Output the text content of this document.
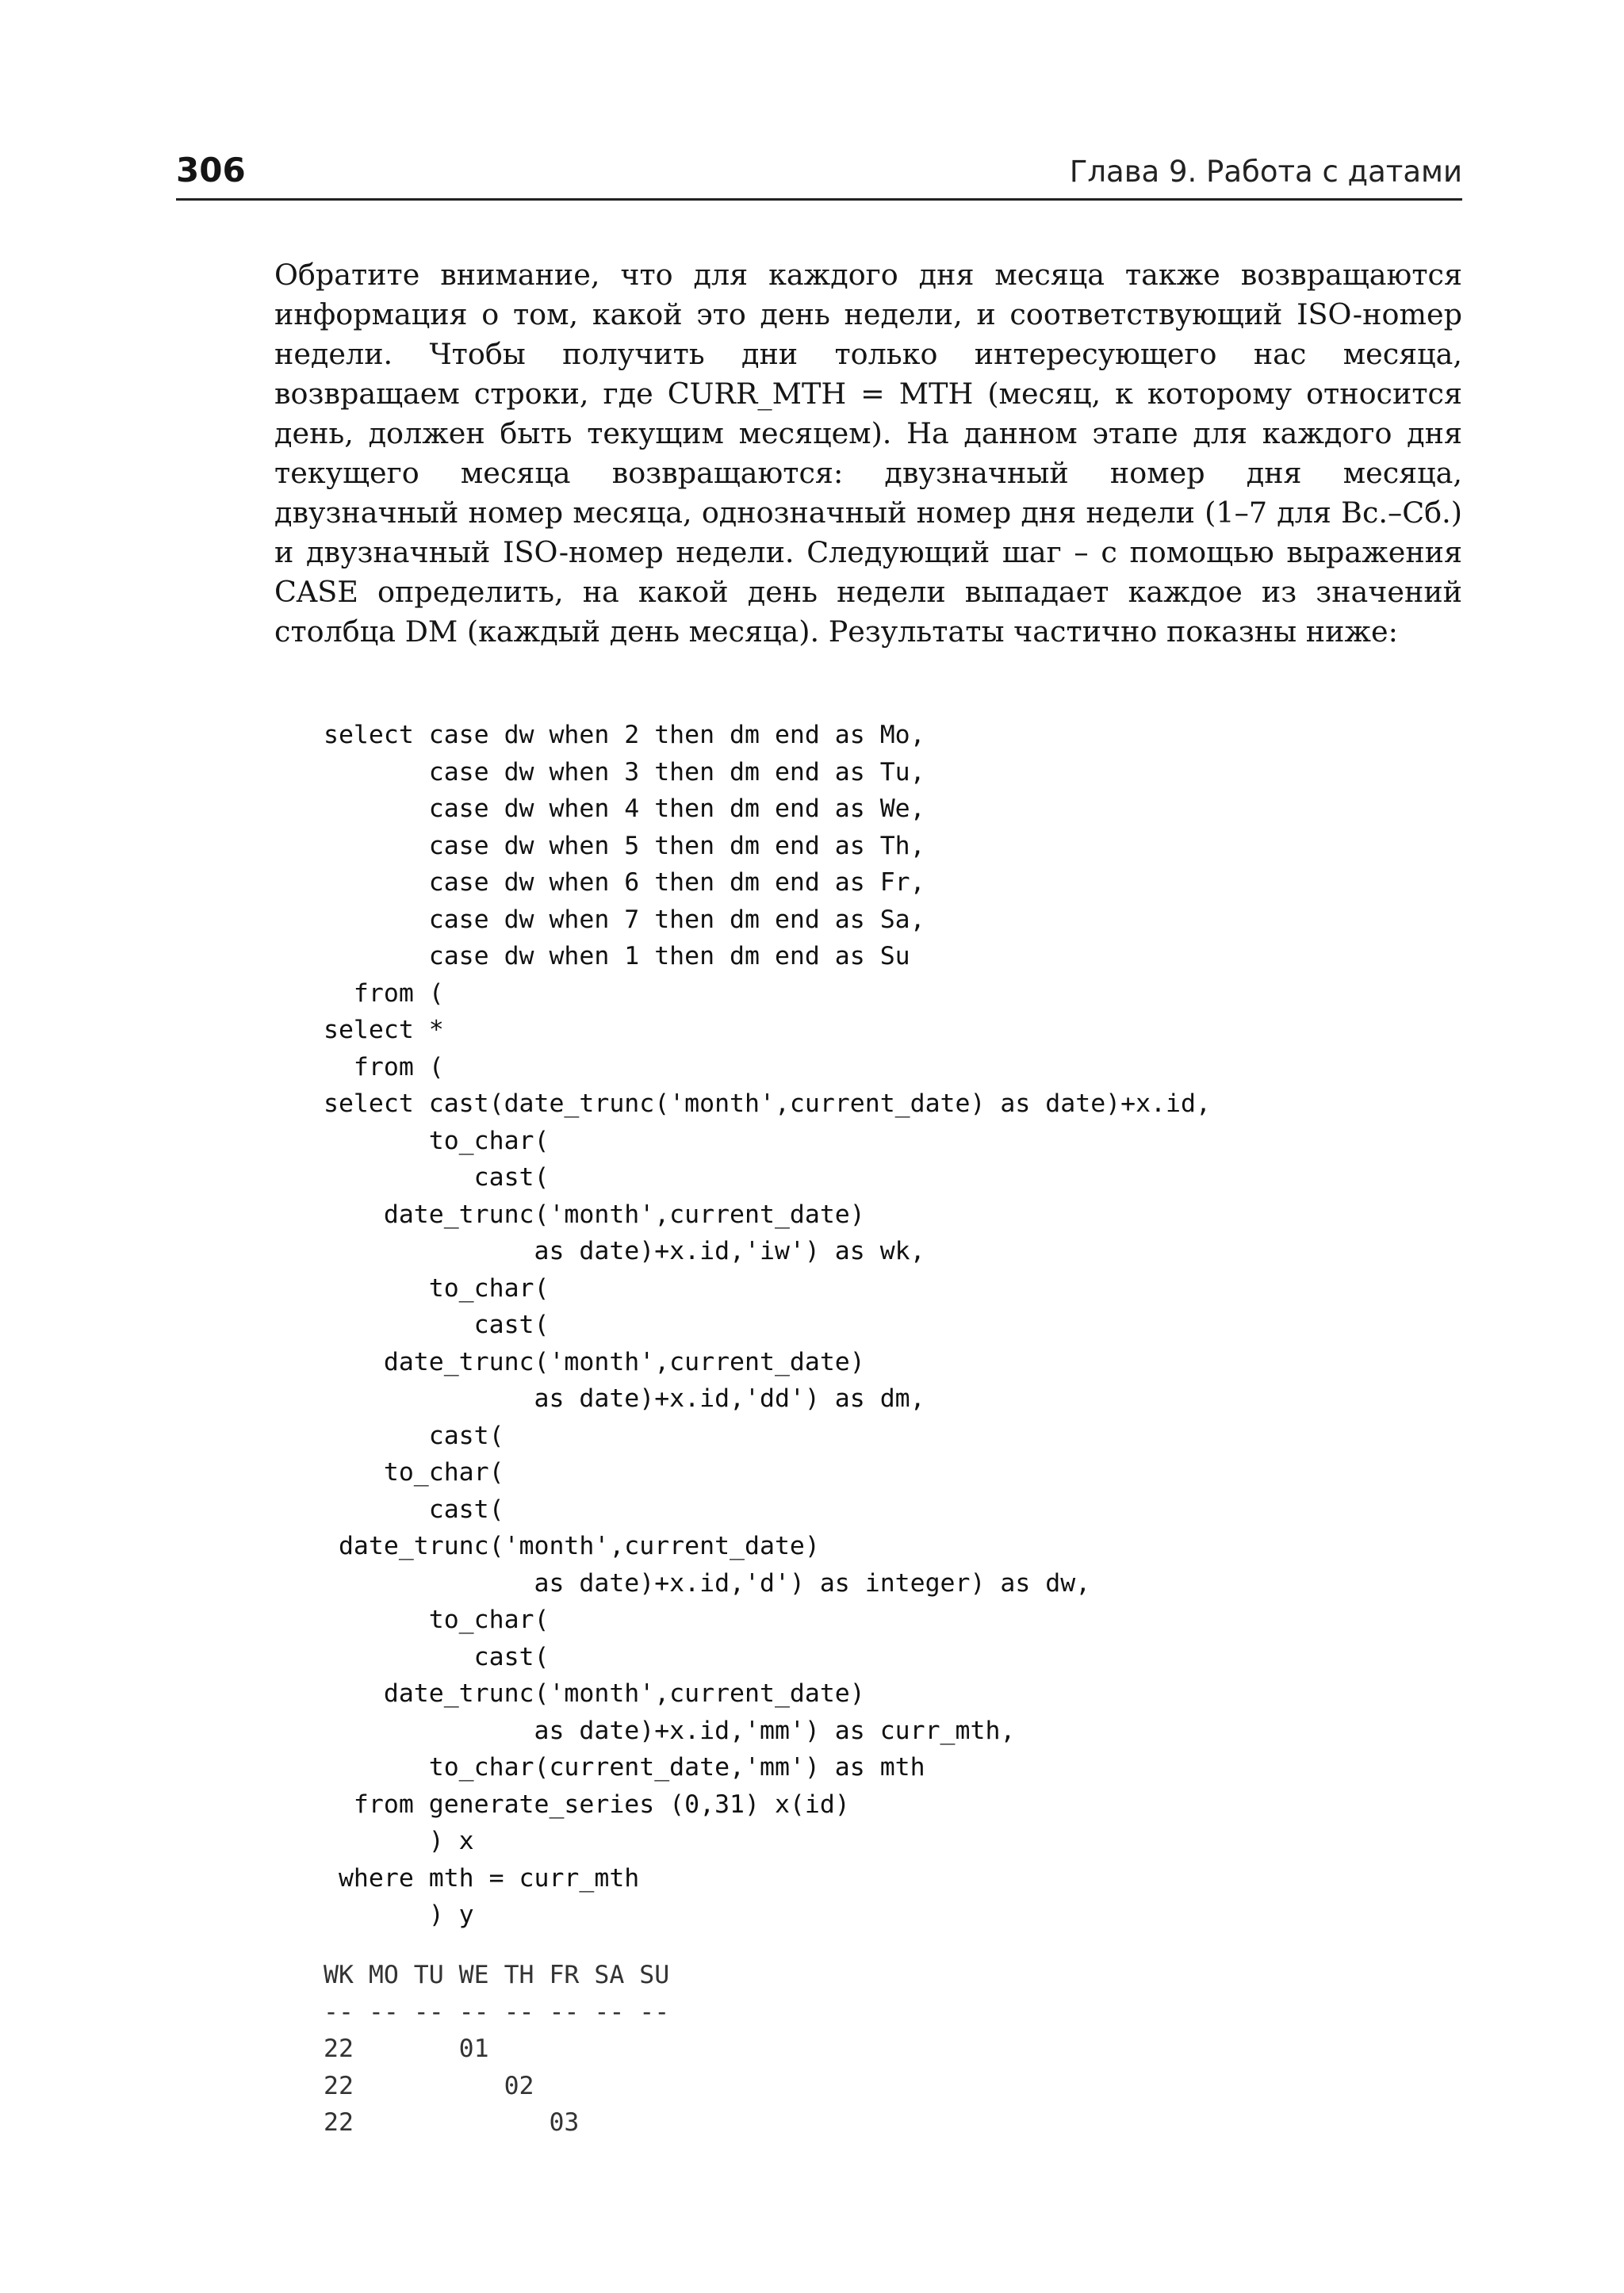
306	Глава 9. Работа с датами

Обратите внимание, что для каждого дня месяца также возвращаются информация о том, какой это день недели, и соответствующий ISO-ноmер недели. Чтобы получить дни только интересующего нас месяца, возвращаем строки, где CURR_MTH = MTH (месяц, к которому относится день, должен быть текущим месяцем). На данном этапе для каждого дня текущего месяца возвращаются: двузначный номер дня месяца, двузначный номер месяца, однозначный номер дня недели (1–7 для Вс.–Сб.) и двузначный ISO-номер недели. Следующий шаг – с помощью выражения CASE определить, на какой день недели выпадает каждое из значений столбца DM (каждый день месяца). Результаты частично показны ниже:

select case dw when 2 then dm end as Mo,
case dw when 3 then dm end as Tu,
case dw when 4 then dm end as We,
case dw when 5 then dm end as Th,
case dw when 6 then dm end as Fr,
case dw when 7 then dm end as Sa,
case dw when 1 then dm end as Su
from (
select *
from (
select cast(date_trunc('month',current_date) as date)+x.id,
to_char(
cast(
date_trunc('month',current_date)
as date)+x.id,'iw') as wk,
to_char(
cast(
date_trunc('month',current_date)
as date)+x.id,'dd') as dm,
cast(
to_char(
cast(
date_trunc('month',current_date)
as date)+x.id,'d') as integer) as dw,
to_char(
cast(
date_trunc('month',current_date)
as date)+x.id,'mm') as curr_mth,
to_char(current_date,'mm') as mth
from generate_series (0,31) x(id)
) x
where mth = curr_mth
) y
WK MO TU WE TH FR SA SU
-- -- -- -- -- -- -- --
22       01
22          02
22             03
